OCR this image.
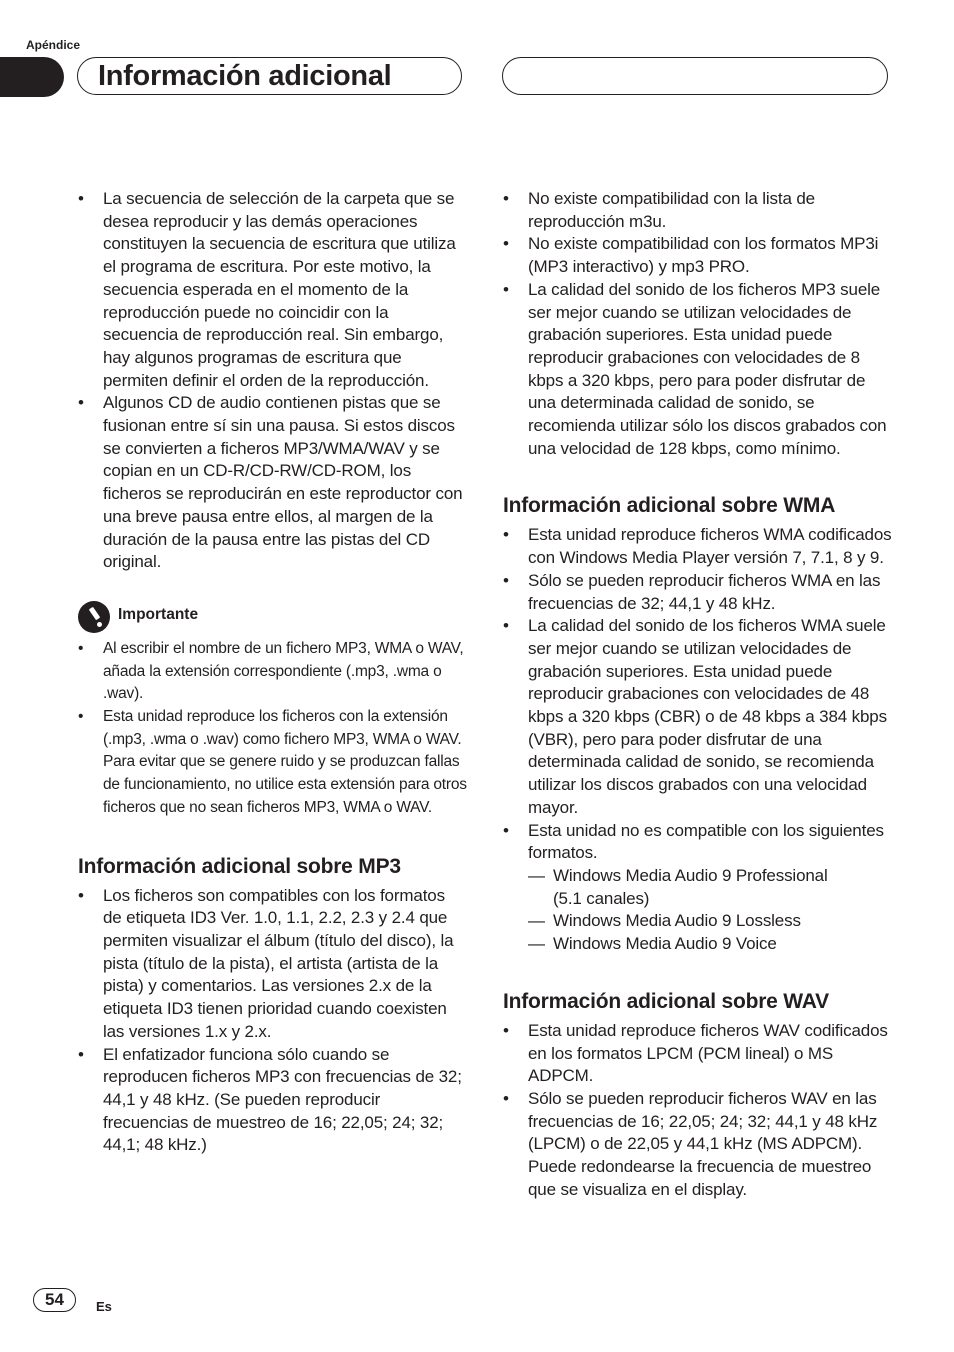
Apéndice
Información adicional
• La secuencia de selección de la carpeta que se desea reproducir y las demás operaciones constituyen la secuencia de escritura que utiliza el programa de escritura. Por este motivo, la secuencia esperada en el momento de la reproducción puede no coincidir con la secuencia de reproducción real. Sin embargo, hay algunos programas de escritura que permiten definir el orden de la reproducción.
• Algunos CD de audio contienen pistas que se fusionan entre sí sin una pausa. Si estos discos se convierten a ficheros MP3/WMA/WAV y se copian en un CD-R/CD-RW/CD-ROM, los ficheros se reproducirán en este reproductor con una breve pausa entre ellos, al margen de la duración de la pausa entre las pistas del CD original.
Importante
• Al escribir el nombre de un fichero MP3, WMA o WAV, añada la extensión correspondiente (.mp3, .wma o .wav).
• Esta unidad reproduce los ficheros con la extensión (.mp3, .wma o .wav) como fichero MP3, WMA o WAV. Para evitar que se genere ruido y se produzcan fallas de funcionamiento, no utilice esta extensión para otros ficheros que no sean ficheros MP3, WMA o WAV.
Información adicional sobre MP3
• Los ficheros son compatibles con los formatos de etiqueta ID3 Ver. 1.0, 1.1, 2.2, 2.3 y 2.4 que permiten visualizar el álbum (título del disco), la pista (título de la pista), el artista (artista de la pista) y comentarios. Las versiones 2.x de la etiqueta ID3 tienen prioridad cuando coexisten las versiones 1.x y 2.x.
• El enfatizador funciona sólo cuando se reproducen ficheros MP3 con frecuencias de 32; 44,1 y 48 kHz. (Se pueden reproducir frecuencias de muestreo de 16; 22,05; 24; 32; 44,1; 48 kHz.)
• No existe compatibilidad con la lista de reproducción m3u.
• No existe compatibilidad con los formatos MP3i (MP3 interactivo) y mp3 PRO.
• La calidad del sonido de los ficheros MP3 suele ser mejor cuando se utilizan velocidades de grabación superiores. Esta unidad puede reproducir grabaciones con velocidades de 8 kbps a 320 kbps, pero para poder disfrutar de una determinada calidad de sonido, se recomienda utilizar sólo los discos grabados con una velocidad de 128 kbps, como mínimo.
Información adicional sobre WMA
• Esta unidad reproduce ficheros WMA codificados con Windows Media Player versión 7, 7.1, 8 y 9.
• Sólo se pueden reproducir ficheros WMA en las frecuencias de 32; 44,1 y 48 kHz.
• La calidad del sonido de los ficheros WMA suele ser mejor cuando se utilizan velocidades de grabación superiores. Esta unidad puede reproducir grabaciones con velocidades de 48 kbps a 320 kbps (CBR) o de 48 kbps a 384 kbps (VBR), pero para poder disfrutar de una determinada calidad de sonido, se recomienda utilizar los discos grabados con una velocidad mayor.
• Esta unidad no es compatible con los siguientes formatos.
— Windows Media Audio 9 Professional
(5.1 canales)
— Windows Media Audio 9 Lossless
— Windows Media Audio 9 Voice
Información adicional sobre WAV
• Esta unidad reproduce ficheros WAV codificados en los formatos LPCM (PCM lineal) o MS ADPCM.
• Sólo se pueden reproducir ficheros WAV en las frecuencias de 16; 22,05; 24; 32; 44,1 y 48 kHz (LPCM) o de 22,05 y 44,1 kHz (MS ADPCM). Puede redondearse la frecuencia de muestreo que se visualiza en el display.
54	Es
